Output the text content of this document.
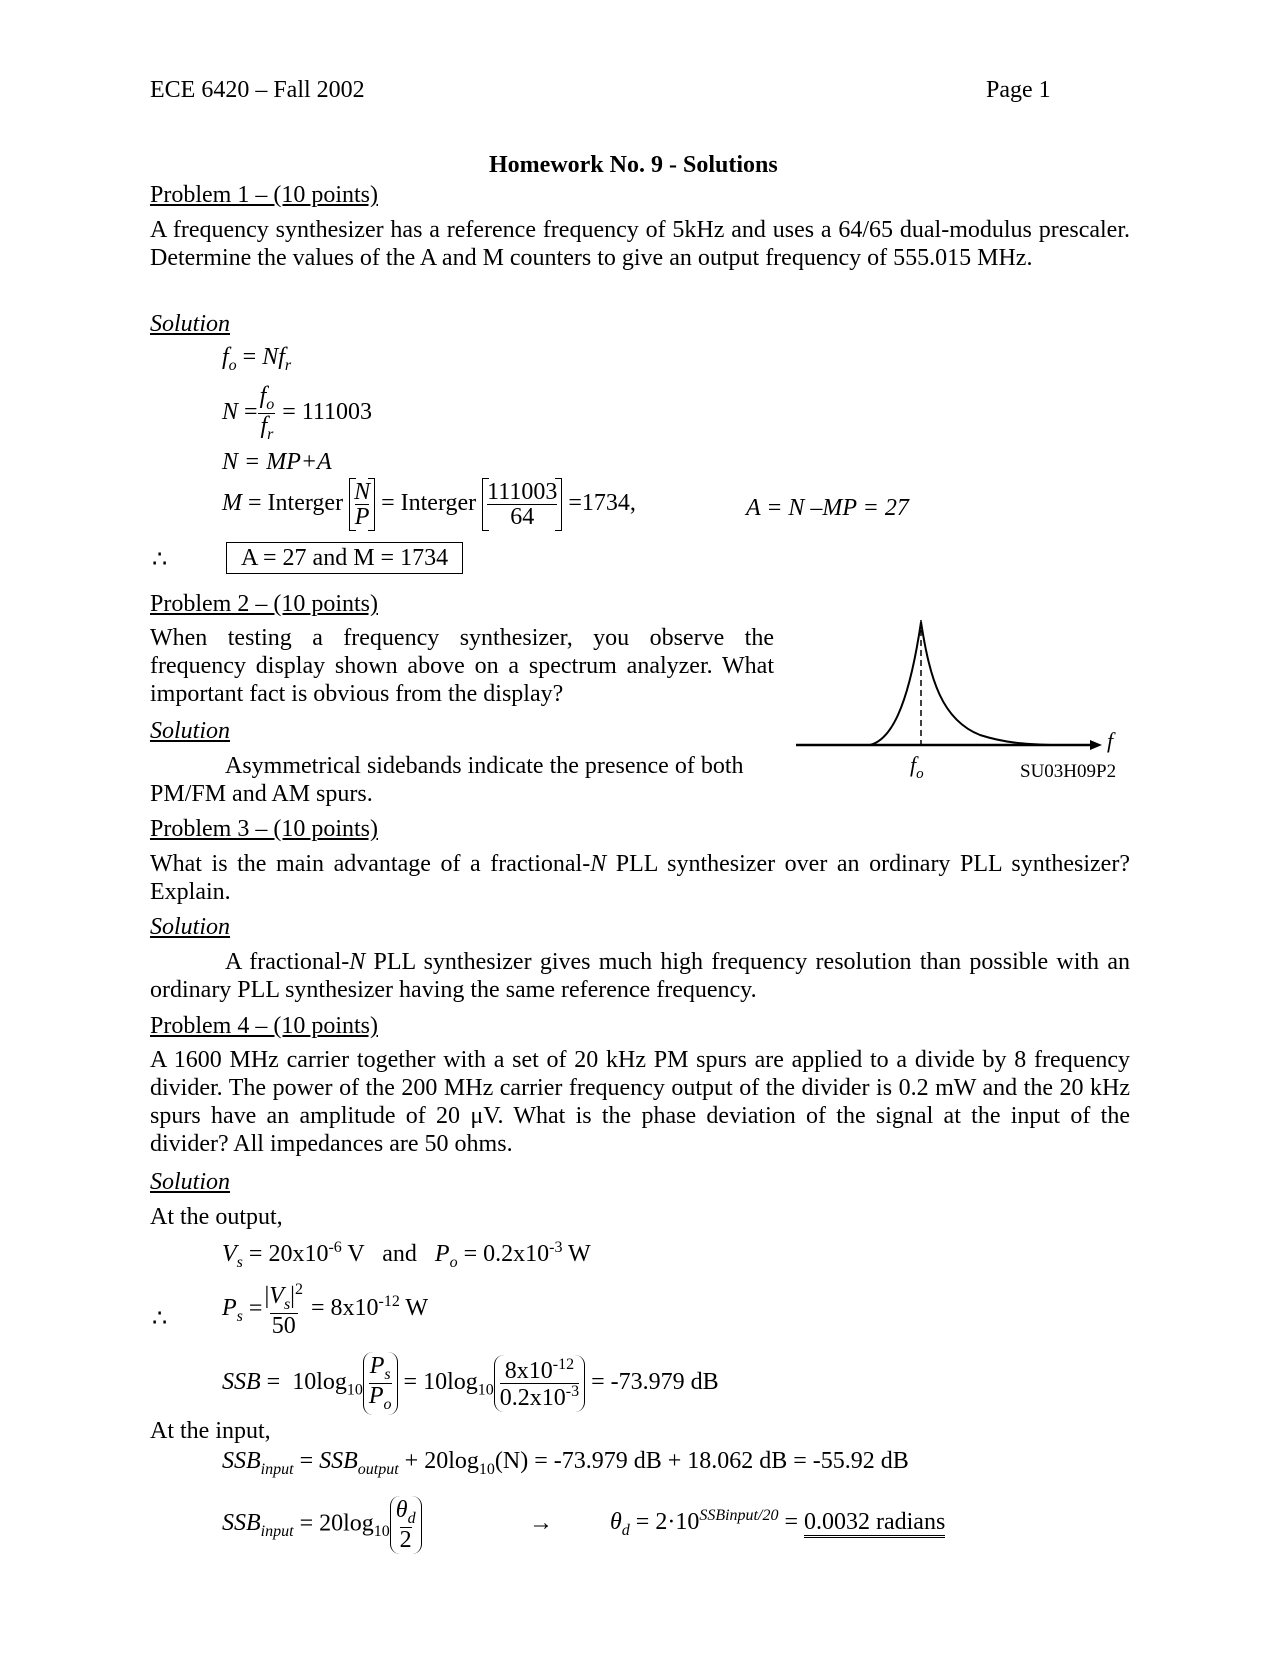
ECE 6420 – Fall 2002	Page 1
Homework No. 9 - Solutions
Problem 1 – (10 points)
A frequency synthesizer has a reference frequency of 5kHz and uses a 64/65 dual-modulus prescaler. Determine the values of the A and M counters to give an output frequency of 555.015 MHz.
Solution
$f_o = Nf_r$
$N = \frac{f_o}{f_r} = 111003$
N = MP+A
M = Interger $\frac{N}{P}$ = Interger $\frac{111003}{64} =1734$,	A = N –MP = 27
∴	A = 27 and M = 1734
Problem 2 – (10 points)
When testing a frequency synthesizer, you observe the frequency display shown above on a spectrum analyzer. What important fact is obvious from the display?
Solution
Asymmetrical sidebands indicate the presence of both
PM/FM and AM spurs.
f
$f_o$	SU03H09P2
Problem 3 – (10 points)
What is the main advantage of a fractional-N PLL synthesizer over an ordinary PLL synthesizer? Explain.
Solution
A fractional-N PLL synthesizer gives much high frequency resolution than possible with an ordinary PLL synthesizer having the same reference frequency.
Problem 4 – (10 points)
A 1600 MHz carrier together with a set of 20 kHz PM spurs are applied to a divide by 8 frequency divider. The power of the 200 MHz carrier frequency output of the divider is 0.2 mW and the 20 kHz spurs have an amplitude of 20 μV. What is the phase deviation of the signal at the input of the divider? All impedances are 50 ohms.
Solution
At the output,
$V_s = 20x10^{-6}$ V   and   $P_o = 0.2x10^{-3}$ W
∴ $P_s = \frac{|V_s|^2}{50} = 8x10^{-12}$ W
SSB =  $10\log_{10} \frac{P_s}{P_o} = 10\log_{10} \frac{8x10^{-12}}{0.2x10^{-3}} = -73.979$ dB
At the input,
$SSB_{input} = SSB_{output} + 20\log_{10}(N) = -73.979$ dB + 18.062 dB = -55.92 dB
$SSB_{input} = 20\log_{10} \frac{\theta_d}{2}$	→ $\theta_d = 2\cdot 10^{SSBinput/20} = 0.0032$ radians
